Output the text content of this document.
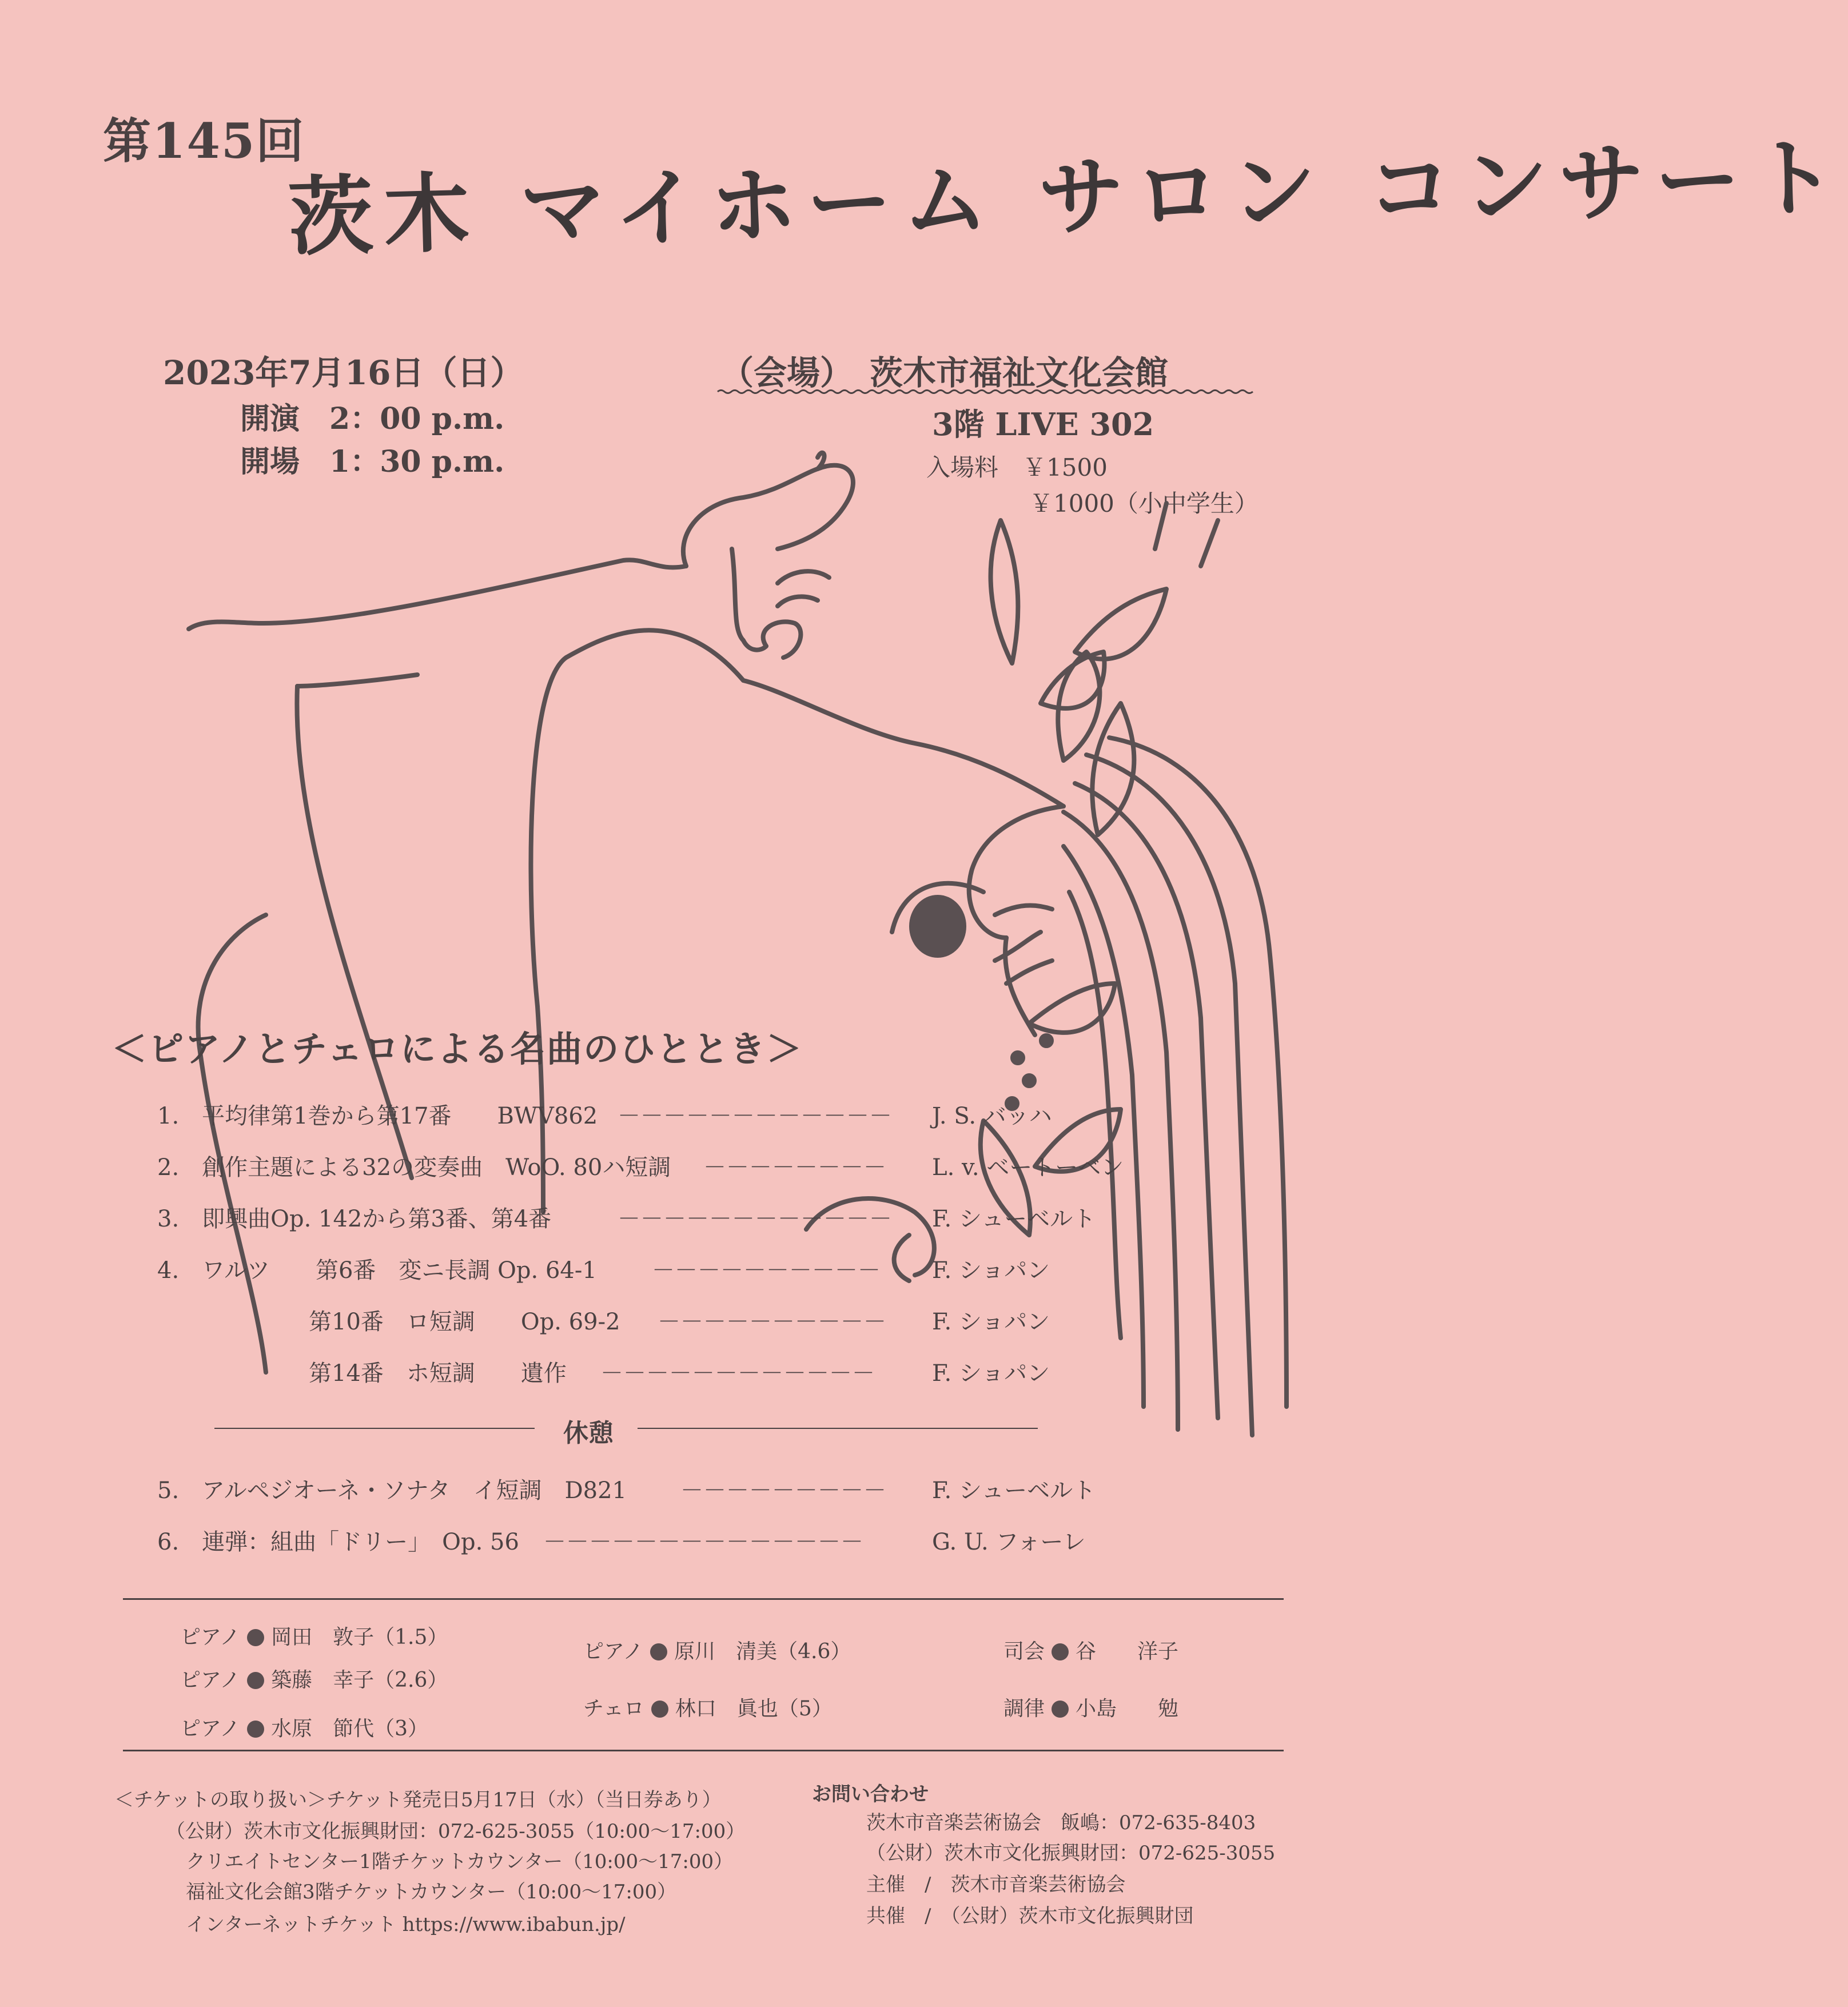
第145回
茨木 マイホーム サロン コンサート
2023年7月16日（日）
開演　 2：00 p.m.
開場　 1：30 p.m.
（会場）　 茨木市福祉文化会館
3階 LIVE 302
入場料　 ￥1500
￥1000（小中学生）
＜ピアノとチェロによる名曲のひととき＞
1.　 平均律第1巻から第17番　　BWV862 －－－－－－－－－－－－ J. S. バッハ
2.　 創作主題による32の変奏曲　WoO. 80ハ短調 －－－－－－－－ L. v. ベートーベン
3.　 即興曲Op. 142から第3番、第4番	－－－－－－－－－－－－ F. シューベルト
4.　 ワルツ　　第6番　変ニ長調 Op. 64-1 －－－－－－－－－－ F. ショパン
第10番　ロ短調　　Op. 69-2 －－－－－－－－－－ F. ショパン
第14番　ホ短調　　遺作 －－－－－－－－－－－－	F. ショパン
休憩
5.　 アルペジオーネ・ソナタ　イ短調　D821 －－－－－－－－－ F. シューベルト
6.　 連弾：組曲「ドリー」　Op. 56 －－－－－－－－－－－－－－	G. U. フォーレ
ピアノ 岡田　敦子（1.5）
ピアノ 築藤　幸子（2.6）
ピアノ 水原　節代（3）
ピアノ 原川　清美（4.6）
チェロ 林口　眞也（5）
司会 谷　　洋子
調律 小島　　勉
＜チケットの取り扱い＞チケット発売日5月17日（水）（当日券あり）
（公財）茨木市文化振興財団：072-625-3055（10:00～17:00）
クリエイトセンター1階チケットカウンター（10:00～17:00）
福祉文化会館3階チケットカウンター（10:00～17:00）
インターネットチケット https://www.ibabun.jp/
お問い合わせ
茨木市音楽芸術協会　飯嶋：072-635-8403
（公財）茨木市文化振興財団：072-625-3055
主催　/　茨木市音楽芸術協会
共催　/　（公財）茨木市文化振興財団
